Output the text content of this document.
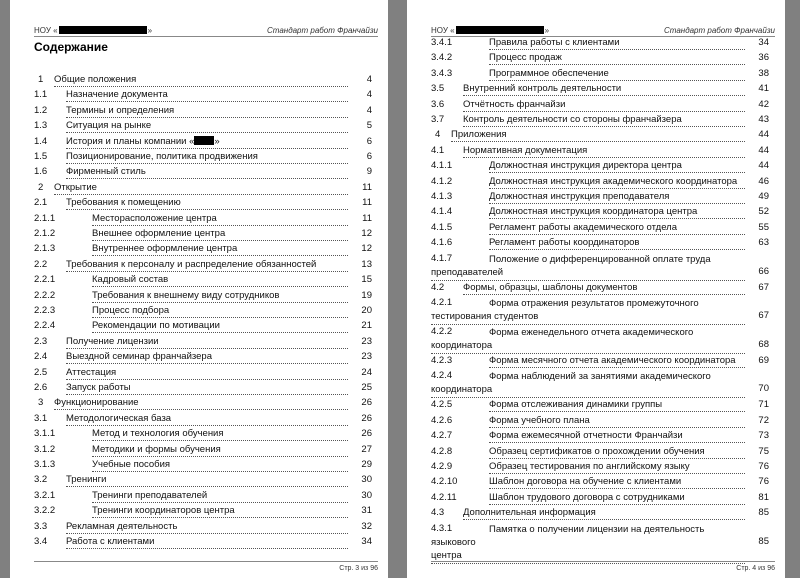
НОУ «	»	Стандарт работ Франчайзи
Содержание
1 Общие положения	4
1.1 Назначение документа	4
1.2 Термины и определения	4
1.3 Ситуация на рынке	5
1.4 История и планы компании « »	6
1.5 Позиционирование, политика продвижения	6
1.6 Фирменный стиль	9
2 Открытие	11
2.1 Требования к помещению	11
2.1.1	Месторасположение центра	11
2.1.2	Внешнее оформление центра	12
2.1.3	Внутреннее оформление центра	12
2.2 Требования к персоналу и распределение обязанностей	13
2.2.1	Кадровый состав	15
2.2.2	Требования к внешнему виду сотрудников	19
2.2.3	Процесс подбора	20
2.2.4	Рекомендации по мотивации	21
2.3 Получение лицензии	23
2.4 Выездной семинар франчайзера	23
2.5 Аттестация	24
2.6 Запуск работы	25
3 Функционирование	26
3.1 Методологическая база	26
3.1.1	Метод и технология обучения	26
3.1.2	Методики и формы обучения	27
3.1.3	Учебные пособия	29
3.2 Тренинги	30
3.2.1	Тренинги преподавателей	30
3.2.2	Тренинги координаторов центра	31
3.3 Рекламная деятельность	32
3.4 Работа с клиентами	34
Стр. 3 из 96
НОУ «	»	Стандарт работ Франчайзи
3.4.1	Правила работы с клиентами	34
3.4.2	Процесс продаж	36
3.4.3	Программное обеспечение	38
3.5 Внутренний контроль деятельности	41
3.6 Отчётность франчайзи	42
3.7 Контроль деятельности со стороны франчайзера	43
4 Приложения	44
4.1 Нормативная документация	44
4.1.1	Должностная инструкция директора центра	44
4.1.2	Должностная инструкция академического координатора	46
4.1.3	Должностная инструкция преподавателя	49
4.1.4	Должностная инструкция координатора центра	52
4.1.5	Регламент работы академического отдела	55
4.1.6	Регламент работы координаторов	63
4.1.7	Положение о дифференцированной оплате труда
преподавателей	66
4.2 Формы, образцы, шаблоны документов	67
4.2.1	Форма отражения результатов промежуточного
тестирования студентов	67
4.2.2	Форма еженедельного отчета академического
координатора	68
4.2.3	Форма месячного отчета академического координатора	69
4.2.4	Форма наблюдений за занятиями академического
координатора	70
4.2.5	Форма отслеживания динамики группы	71
4.2.6	Форма учебного плана	72
4.2.7	Форма ежемесячной отчетности Франчайзи	73
4.2.8	Образец сертификатов о прохождении обучения	75
4.2.9	Образец тестирования по английскому языку	76
4.2.10	Шаблон договора на обучение с клиентами	76
4.2.11	Шаблон трудового договора с сотрудниками	81
4.3 Дополнительная информация	85
4.3.1	Памятка о получении лицензии на деятельность языкового
центра
85
Стр. 4 из 96
